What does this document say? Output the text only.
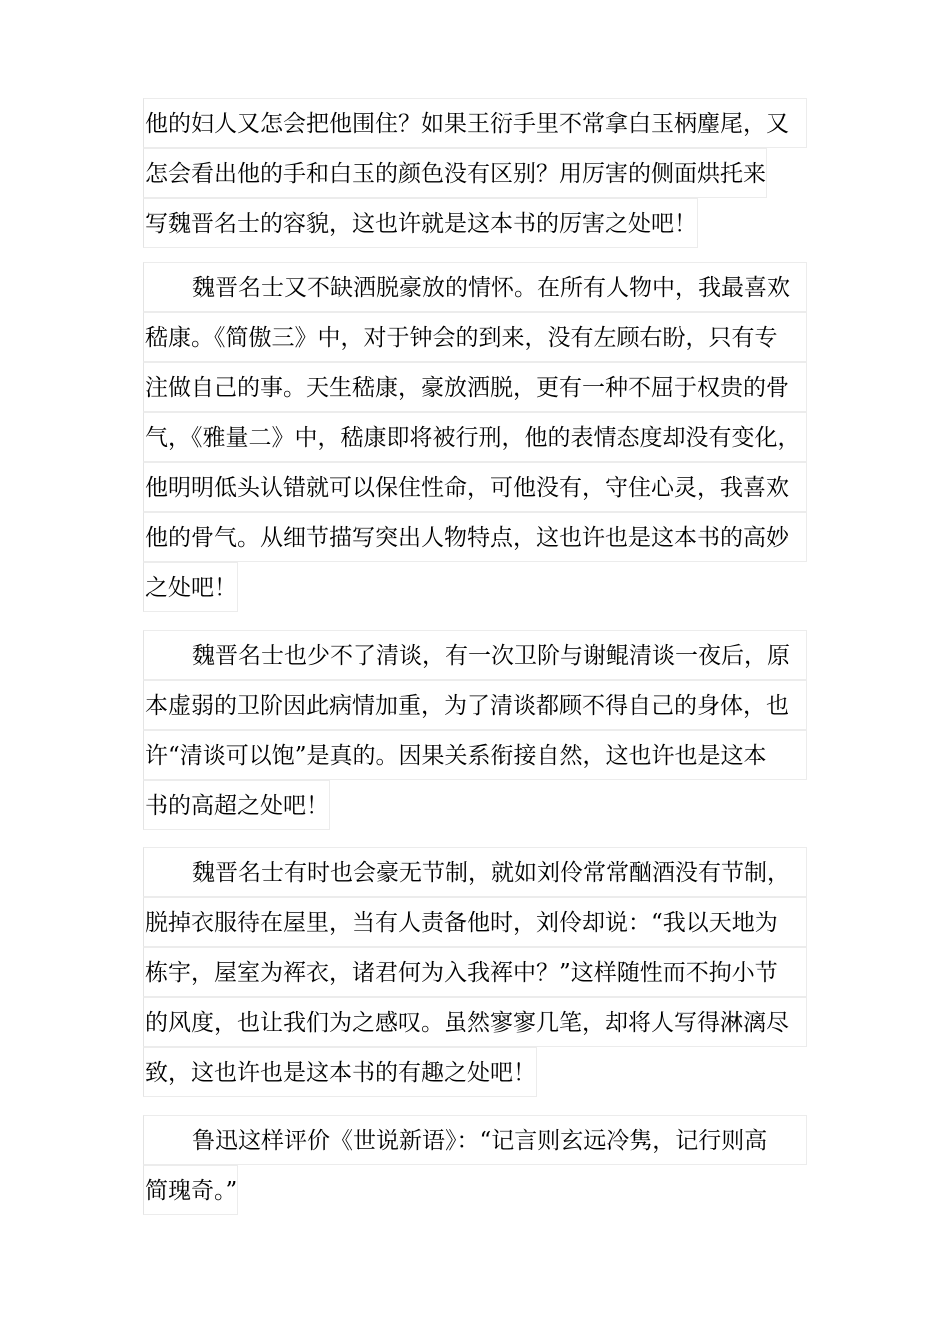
他的妇人又怎会把他围住？如果王衍手里不常拿白玉柄麈尾，又
怎会看出他的手和白玉的颜色没有区别？用厉害的侧面烘托来
写魏晋名士的容貌，这也许就是这本书的厉害之处吧！
魏晋名士又不缺洒脱豪放的情怀。在所有人物中，我最喜欢
嵇康。《简傲三》中，对于钟会的到来，没有左顾右盼，只有专
注做自己的事。天生嵇康，豪放洒脱，更有一种不屈于权贵的骨
气，《雅量二》中，嵇康即将被行刑，他的表情态度却没有变化，
他明明低头认错就可以保住性命，可他没有，守住心灵，我喜欢
他的骨气。从细节描写突出人物特点，这也许也是这本书的高妙
之处吧！
魏晋名士也少不了清谈，有一次卫阶与谢鲲清谈一夜后，原
本虚弱的卫阶因此病情加重，为了清谈都顾不得自己的身体，也
许“清谈可以饱”是真的。因果关系衔接自然，这也许也是这本
书的高超之处吧！
魏晋名士有时也会豪无节制，就如刘伶常常酗酒没有节制，
脱掉衣服待在屋里，当有人责备他时，刘伶却说：“我以天地为
栋宇，屋室为裈衣，诸君何为入我裈中？”这样随性而不拘小节
的风度，也让我们为之感叹。虽然寥寥几笔，却将人写得淋漓尽
致，这也许也是这本书的有趣之处吧！
鲁迅这样评价《世说新语》：“记言则玄远冷隽，记行则高
简瑰奇。”
